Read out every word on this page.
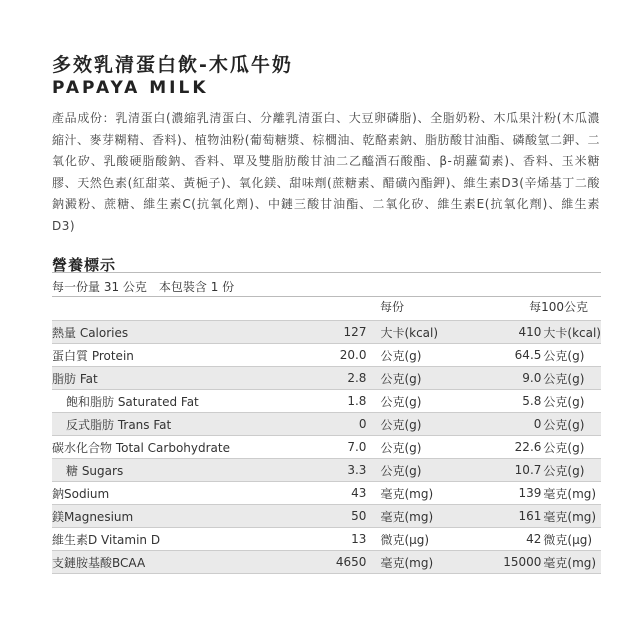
多效乳清蛋白飲-木瓜牛奶
PAPAYA MILK

產品成份：乳清蛋白(濃縮乳清蛋白、分離乳清蛋白、大豆卵磷脂)、全脂奶粉、木瓜果汁粉(木瓜濃縮汁、麥芽糊精、香料)、植物油粉(葡萄糖漿、棕櫚油、乾酪素鈉、脂肪酸甘油酯、磷酸氫二鉀、二氧化矽、乳酸硬脂酸鈉、香料、單及雙脂肪酸甘油二乙醯酒石酸酯、β-胡蘿蔔素)、香料、玉米糖膠、天然色素(紅甜菜、黃梔子)、氧化鎂、甜味劑(蔗糖素、醋磺內酯鉀)、維生素D3(辛烯基丁二酸鈉澱粉、蔗糖、維生素C(抗氧化劑)、中鏈三酸甘油酯、二氧化矽、維生素E(抗氧化劑)、維生素D3)

營養標示
每一份量 31 公克　本包裝含 1 份
每份	每100公克
熱量 Calories	127	大卡(kcal)	410	大卡(kcal)
蛋白質 Protein	20.0	公克(g)	64.5	公克(g)
脂肪 Fat	2.8	公克(g)	9.0	公克(g)
飽和脂肪 Saturated Fat	1.8	公克(g)	5.8	公克(g)
反式脂肪 Trans Fat	0	公克(g)	0	公克(g)
碳水化合物 Total Carbohydrate	7.0	公克(g)	22.6	公克(g)
糖 Sugars	3.3	公克(g)	10.7	公克(g)
鈉Sodium	43	毫克(mg)	139	毫克(mg)
鎂Magnesium	50	毫克(mg)	161	毫克(mg)
維生素D Vitamin D	13	微克(μg)	42	微克(μg)
支鏈胺基酸BCAA	4650	毫克(mg)	15000	毫克(mg)
